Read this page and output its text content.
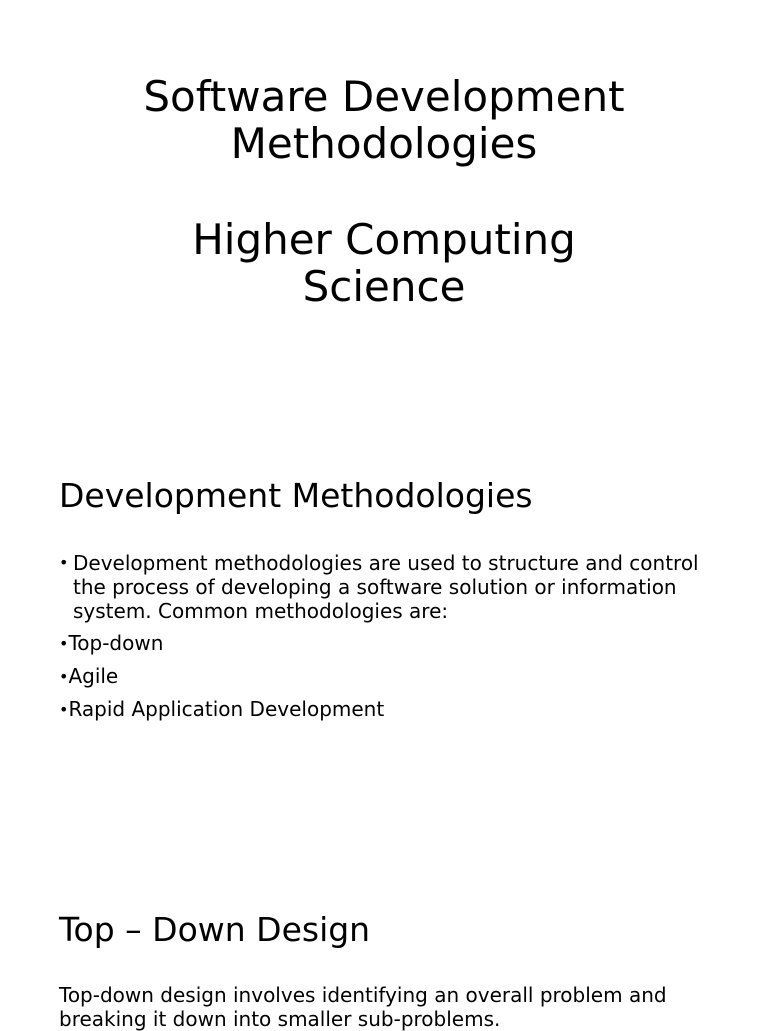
Software Development
Methodologies
Higher Computing
Science
Development Methodologies
• Development methodologies are used to structure and control the process of developing a software solution or information system. Common methodologies are:
•Top-down
•Agile
•Rapid Application Development
Top – Down Design

Top-down design involves identifying an overall problem and breaking it down into smaller sub-problems.
